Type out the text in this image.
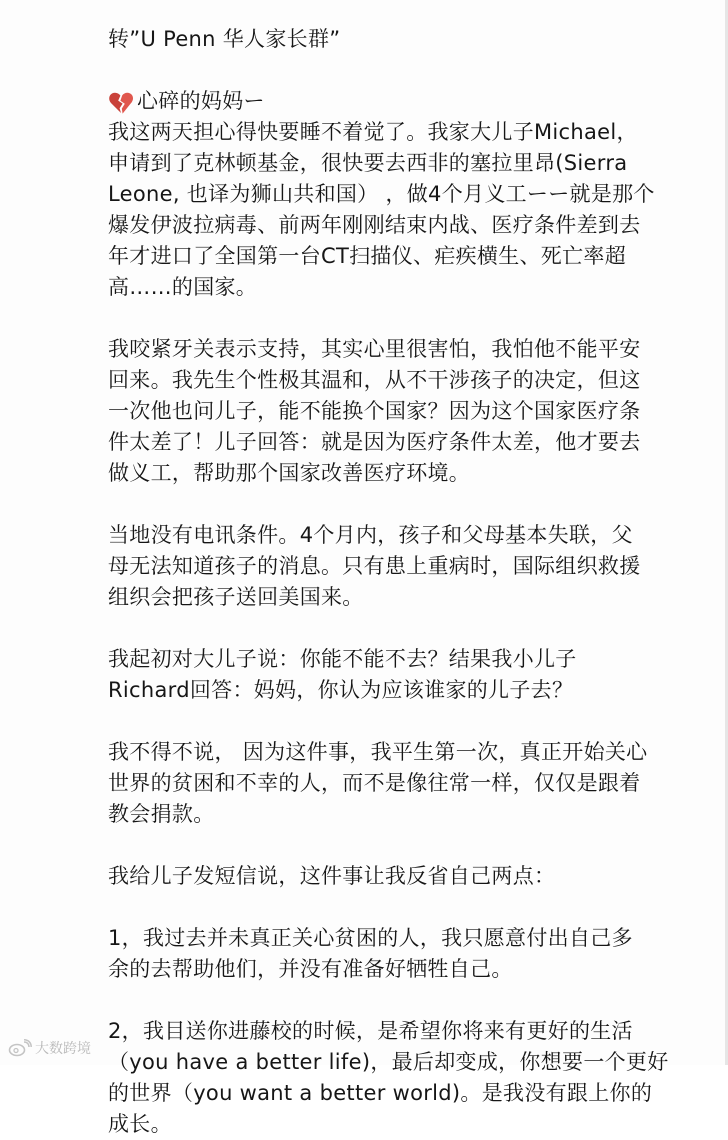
转”U Penn 华人家长群”
心碎的妈妈ー
我这两天担心得快要睡不着觉了。我家大儿子Michael，
申请到了克林顿基金，很快要去西非的塞拉里昂(Sierra
Leone, 也译为狮山共和国） ，做4个月义工ーー就是那个
爆发伊波拉病毒、前两年刚刚结束内战、医疗条件差到去
年才进口了全国第一台CT扫描仪、疟疾横生、死亡率超
高……的国家。
我咬紧牙关表示支持，其实心里很害怕，我怕他不能平安
回来。我先生个性极其温和，从不干涉孩子的决定，但这
一次他也问儿子，能不能换个国家？因为这个国家医疗条
件太差了！儿子回答：就是因为医疗条件太差，他才要去
做义工，帮助那个国家改善医疗环境。
当地没有电讯条件。4个月内，孩子和父母基本失联，父
母无法知道孩子的消息。只有患上重病时，国际组织救援
组织会把孩子送回美国来。
我起初对大儿子说：你能不能不去？结果我小儿子
Richard回答：妈妈，你认为应该谁家的儿子去？
我不得不说， 因为这件事，我平生第一次，真正开始关心
世界的贫困和不幸的人，而不是像往常一样，仅仅是跟着
教会捐款。
我给儿子发短信说，这件事让我反省自己两点：
1，我过去并未真正关心贫困的人，我只愿意付出自己多
余的去帮助他们，并没有准备好牺牲自己。
2，我目送你进藤校的时候，是希望你将来有更好的生活
（you have a better life)，最后却变成，你想要一个更好
的世界（you want a better world)。是我没有跟上你的
成长。
大数跨境
